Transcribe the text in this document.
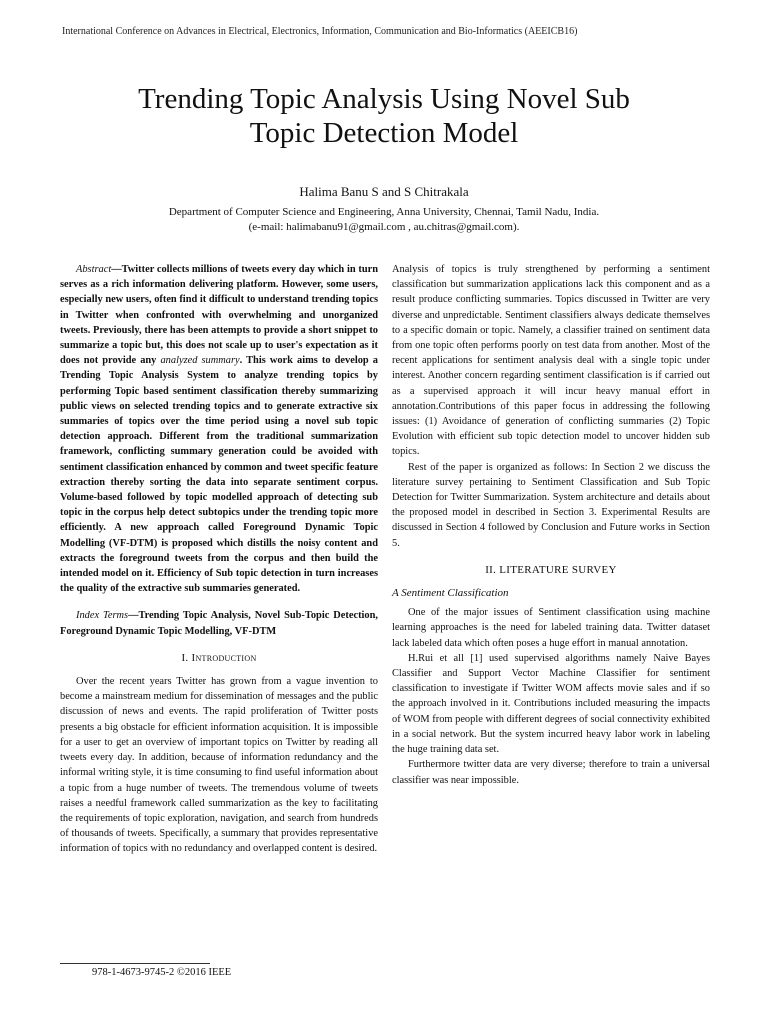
International Conference on Advances in Electrical, Electronics, Information, Communication and Bio-Informatics (AEEICB16)
Trending Topic Analysis Using Novel Sub
Topic Detection Model
Halima Banu S and S Chitrakala
Department of Computer Science and Engineering, Anna University, Chennai, Tamil Nadu, India.
(e-mail: halimabanu91@gmail.com , au.chitras@gmail.com).

Abstract—Twitter collects millions of tweets every day which in turn serves as a rich information delivering platform. However, some users, especially new users, often find it difficult to understand trending topics in Twitter when confronted with overwhelming and unorganized tweets. Previously, there has been attempts to provide a short snippet to summarize a topic but, this does not scale up to user's expectation as it does not provide any analyzed summary. This work aims to develop a Trending Topic Analysis System to analyze trending topics by performing Topic based sentiment classification thereby summarizing public views on selected trending topics and to generate extractive six summaries of topics over the time period using a novel sub topic detection approach. Different from the traditional summarization framework, conflicting summary generation could be avoided with sentiment classification enhanced by common and tweet specific feature extraction thereby sorting the data into separate sentiment corpus. Volume-based followed by topic modelled approach of detecting sub topic in the corpus help detect subtopics under the trending topic more efficiently. A new approach called Foreground Dynamic Topic Modelling (VF-DTM) is proposed which distills the noisy content and extracts the foreground tweets from the corpus and then build the intended model on it. Efficiency of Sub topic detection in turn increases the quality of the extractive sub summaries generated.

Index Terms—Trending Topic Analysis, Novel Sub-Topic Detection, Foreground Dynamic Topic Modelling, VF-DTM

I. Introduction

Over the recent years Twitter has grown from a vague invention to become a mainstream medium for dissemination of messages and the public discussion of news and events. The rapid proliferation of Twitter posts presents a big obstacle for efficient information acquisition. It is impossible for a user to get an overview of important topics on Twitter by reading all tweets every day. In addition, because of information redundancy and the informal writing style, it is time consuming to find useful information about a topic from a huge number of tweets. The tremendous volume of tweets raises a needful framework called summarization as the key to facilitating the requirements of topic exploration, navigation, and search from hundreds of thousands of tweets. Specifically, a summary that provides representative information of topics with no redundancy and overlapped content is desired.

Analysis of topics is truly strengthened by performing a sentiment classification but summarization applications lack this component and as a result produce conflicting summaries. Topics discussed in Twitter are very diverse and unpredictable. Sentiment classifiers always dedicate themselves to a specific domain or topic. Namely, a classifier trained on sentiment data from one topic often performs poorly on test data from another. Most of the recent applications for sentiment analysis deal with a single topic under interest. Another concern regarding sentiment classification is if carried out as a supervised approach it will incur heavy manual effort in annotation.Contributions of this paper focus in addressing the following issues: (1) Avoidance of generation of conflicting summaries (2) Topic Evolution with efficient sub topic detection model to uncover hidden sub topics.

Rest of the paper is organized as follows: In Section 2 we discuss the literature survey pertaining to Sentiment Classification and Sub Topic Detection for Twitter Summarization. System architecture and details about the proposed model in described in Section 3. Experimental Results are discussed in Section 4 followed by Conclusion and Future works in Section 5.

II. LITERATURE SURVEY
A Sentiment Classification

One of the major issues of Sentiment classification using machine learning approaches is the need for labeled training data. Twitter dataset lack labeled data which often poses a huge effort in manual annotation.

H.Rui et all [1] used supervised algorithms namely Naive Bayes Classifier and Support Vector Machine Classifier for sentiment classification to investigate if Twitter WOM affects movie sales and if so the approach involved in it. Contributions included measuring the impacts of WOM from people with different degrees of social connectivity exhibited in a social network. But the system incurred heavy labor work in labeling the huge training data set.

Furthermore twitter data are very diverse; therefore to train a universal classifier was near impossible.

978-1-4673-9745-2 ©2016 IEEE
